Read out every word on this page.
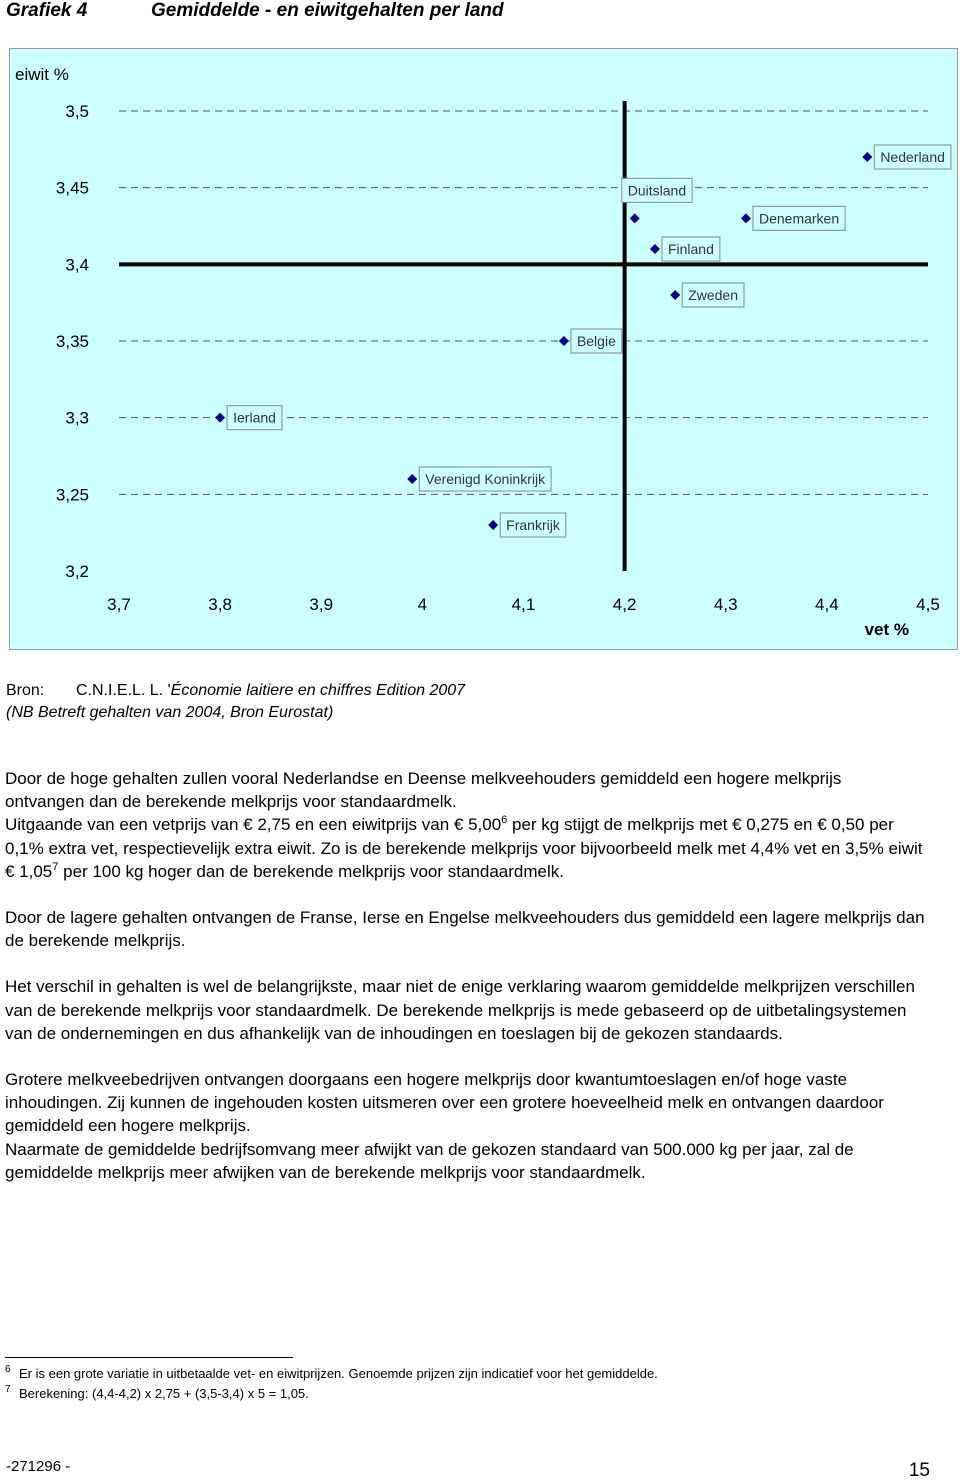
Grafiek 4	Gemiddelde - en eiwitgehalten per land
eiwit %
3,5
3,45
3,4
3,35
3,3
3,25
3,2
3,7	3,8	3,9	4	4,1	4,2	4,3	4,4	4,5
vet %
Nederland
Duitsland
Denemarken
Finland
Zweden
Belgie
Ierland
Verenigd Koninkrijk
Frankrijk
Bron: C.N.I.E.L. L. 'Économie laitiere en chiffres Edition 2007
(NB Betreft gehalten van 2004, Bron Eurostat)

Door de hoge gehalten zullen vooral Nederlandse en Deense melkveehouders gemiddeld een hogere melkprijs ontvangen dan de berekende melkprijs voor standaardmelk.

Uitgaande van een vetprijs van € 2,75 en een eiwitprijs van € 5,00$^6$ per kg stijgt de melkprijs met € 0,275 en € 0,50 per 0,1% extra vet, respectievelijk extra eiwit. Zo is de berekende melkprijs voor bijvoorbeeld melk met 4,4% vet en 3,5% eiwit € 1,05$^7$ per 100 kg hoger dan de berekende melkprijs voor standaardmelk.

Door de lagere gehalten ontvangen de Franse, Ierse en Engelse melkveehouders dus gemiddeld een lagere melkprijs dan de berekende melkprijs.

Het verschil in gehalten is wel de belangrijkste, maar niet de enige verklaring waarom gemiddelde melkprijzen verschillen van de berekende melkprijs voor standaardmelk. De berekende melkprijs is mede gebaseerd op de uitbetalingsystemen van de ondernemingen en dus afhankelijk van de inhoudingen en toeslagen bij de gekozen standaards.

Grotere melkveebedrijven ontvangen doorgaans een hogere melkprijs door kwantumtoeslagen en/of hoge vaste inhoudingen. Zij kunnen de ingehouden kosten uitsmeren over een grotere hoeveelheid melk en ontvangen daardoor gemiddeld een hogere melkprijs.

Naarmate de gemiddelde bedrijfsomvang meer afwijkt van de gekozen standaard van 500.000 kg per jaar, zal de gemiddelde melkprijs meer afwijken van de berekende melkprijs voor standaardmelk.

6 Er is een grote variatie in uitbetaalde vet- en eiwitprijzen. Genoemde prijzen zijn indicatief voor het gemiddelde.
7 Berekening: (4,4-4,2) x 2,75 + (3,5-3,4) x 5 = 1,05.
-271296 -	15
